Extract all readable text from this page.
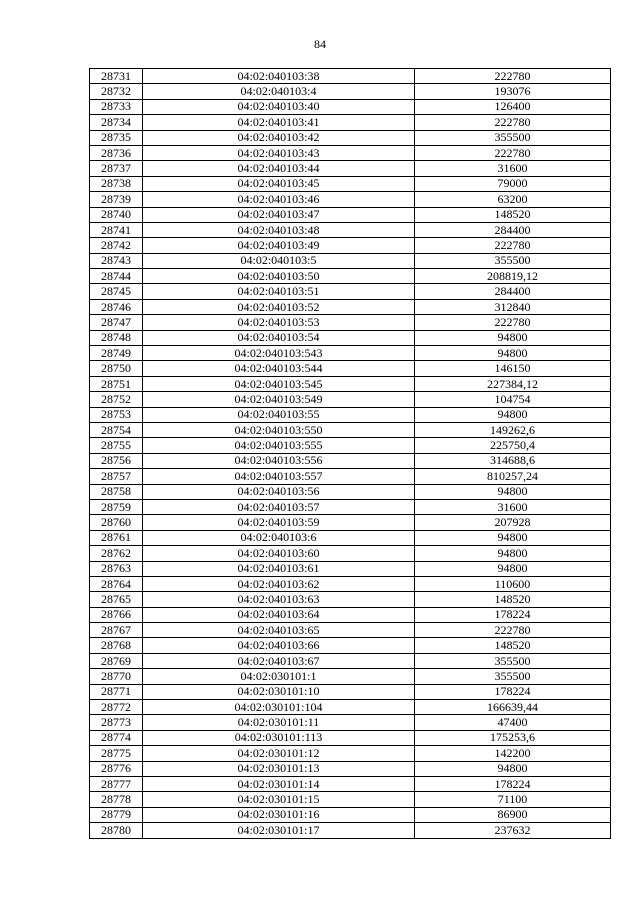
84
28731	04:02:040103:38	222780
28732	04:02:040103:4	193076
28733	04:02:040103:40	126400
28734	04:02:040103:41	222780
28735	04:02:040103:42	355500
28736	04:02:040103:43	222780
28737	04:02:040103:44	31600
28738	04:02:040103:45	79000
28739	04:02:040103:46	63200
28740	04:02:040103:47	148520
28741	04:02:040103:48	284400
28742	04:02:040103:49	222780
28743	04:02:040103:5	355500
28744	04:02:040103:50	208819,12
28745	04:02:040103:51	284400
28746	04:02:040103:52	312840
28747	04:02:040103:53	222780
28748	04:02:040103:54	94800
28749	04:02:040103:543	94800
28750	04:02:040103:544	146150
28751	04:02:040103:545	227384,12
28752	04:02:040103:549	104754
28753	04:02:040103:55	94800
28754	04:02:040103:550	149262,6
28755	04:02:040103:555	225750,4
28756	04:02:040103:556	314688,6
28757	04:02:040103:557	810257,24
28758	04:02:040103:56	94800
28759	04:02:040103:57	31600
28760	04:02:040103:59	207928
28761	04:02:040103:6	94800
28762	04:02:040103:60	94800
28763	04:02:040103:61	94800
28764	04:02:040103:62	110600
28765	04:02:040103:63	148520
28766	04:02:040103:64	178224
28767	04:02:040103:65	222780
28768	04:02:040103:66	148520
28769	04:02:040103:67	355500
28770	04:02:030101:1	355500
28771	04:02:030101:10	178224
28772	04:02:030101:104	166639,44
28773	04:02:030101:11	47400
28774	04:02:030101:113	175253,6
28775	04:02:030101:12	142200
28776	04:02:030101:13	94800
28777	04:02:030101:14	178224
28778	04:02:030101:15	71100
28779	04:02:030101:16	86900
28780	04:02:030101:17	237632
